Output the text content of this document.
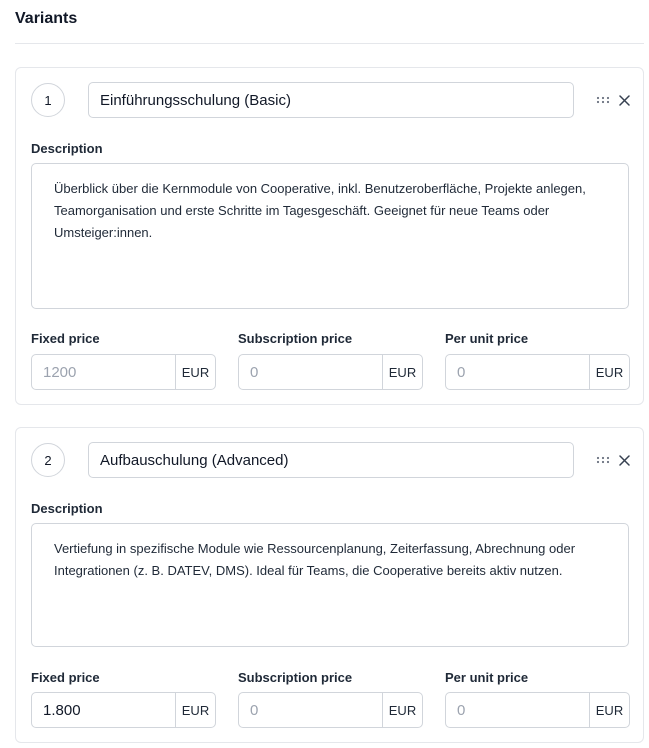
Variants
1
Einführungsschulung (Basic)
Description
Überblick über die Kernmodule von Cooperative, inkl. Benutzeroberfläche, Projekte anlegen, Teamorganisation und erste Schritte im Tagesgeschäft. Geeignet für neue Teams oder Umsteiger:innen.
Fixed price
1200
EUR
Subscription price
0
EUR
Per unit price
0
EUR
2
Aufbauschulung (Advanced)
Description
Vertiefung in spezifische Module wie Ressourcenplanung, Zeiterfassung, Abrechnung oder Integrationen (z. B. DATEV, DMS). Ideal für Teams, die Cooperative bereits aktiv nutzen.
Fixed price
1.800
EUR
Subscription price
0
EUR
Per unit price
0
EUR
